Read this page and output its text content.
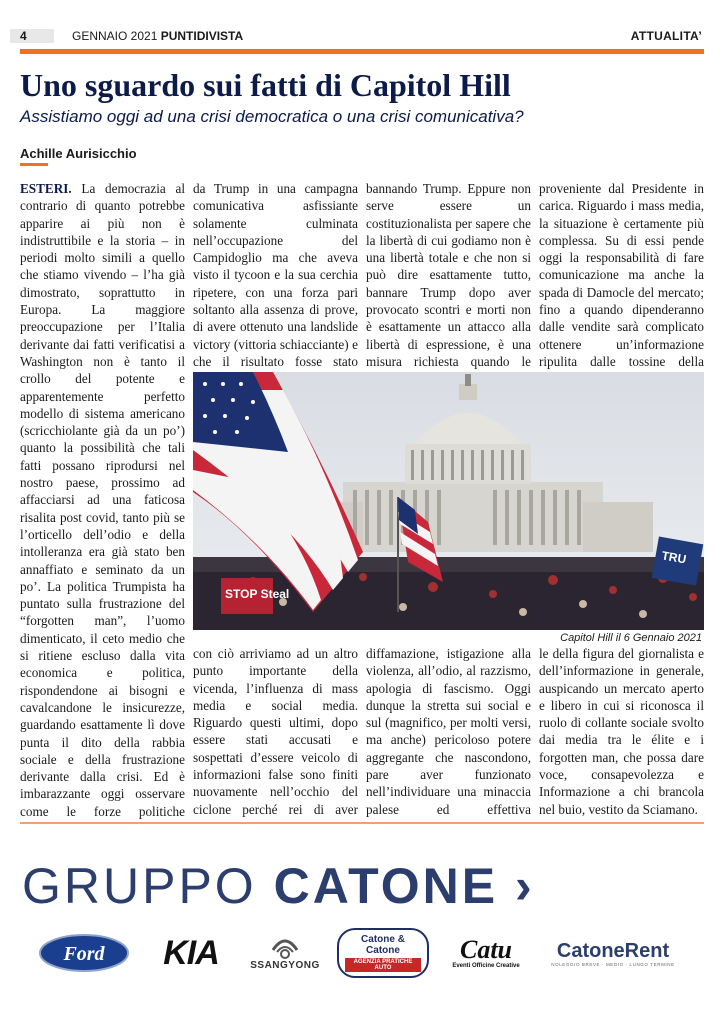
4	GENNAIO 2021 PUNTIDIVISTA	ATTUALITA’
Uno sguardo sui fatti di Capitol Hill
Assistiamo oggi ad una crisi democratica o una crisi comunicativa?
Achille Aurisicchio
ESTERI. La democrazia al contrario di quanto potrebbe apparire ai più non è indistruttibile e la storia – in periodi molto simili a quello che stiamo vivendo – l’ha già dimostrato, soprattutto in Europa. La maggiore preoccupazione per l’Italia derivante dai fatti verificatisi a Washington non è tanto il crollo del potente e apparentemente perfetto modello di sistema americano (scricchiolante già da un po’) quanto la possibilità che tali fatti possano riprodursi nel nostro paese, prossimo ad affacciarsi ad una faticosa risalita post covid, tanto più se l’orticello dell’odio e della intolleranza era già stato ben annaffiato e seminato da un po’. La politica Trumpista ha puntato sulla frustrazione del “forgotten man”, l’uomo dimenticato, il ceto medio che si ritiene escluso dalla vita economica e politica, rispondendone ai bisogni e cavalcandone le insicurezze, guardando esattamente lì dove punta il dito della rabbia sociale e della frustrazione derivante dalla crisi. Ed è imbarazzante oggi osservare come le forze politiche
da Trump in una campagna comunicativa asfissiante solamente culminata nell’occupazione del Campidoglio ma che aveva visto il tycoon e la sua cerchia ripetere, con una forza pari soltanto alla assenza di prove, di avere ottenuto una landslide victory (vittoria schiacciante) e che il risultato fosse stato
bannando Trump. Eppure non serve essere un costituzionalista per sapere che la libertà di cui godiamo non è una libertà totale e che non si può dire esattamente tutto, bannare Trump dopo aver provocato scontri e morti non è esattamente un attacco alla libertà di espressione, è una misura richiesta quando le
proveniente dal Presidente in carica. Riguardo i mass media, la situazione è certamente più complessa. Su di essi pende oggi la responsabilità di fare comunicazione ma anche la spada di Damocle del mercato; fino a quando dipenderanno dalle vendite sarà complicato ottenere un’informazione ripulita dalle tossine della
TRU
STOP Steal
Capitol Hill il 6 Gennaio 2021
con ciò arriviamo ad un altro punto importante della vicenda, l’influenza di mass media e social media. Riguardo questi ultimi, dopo essere stati accusati e sospettati d’essere veicolo di informazioni false sono finiti nuovamente nell’occhio del ciclone perché rei di aver
diffamazione, istigazione alla violenza, all’odio, al razzismo, apologia di fascismo. Oggi dunque la stretta sui social e sul (magnifico, per molti versi, ma anche) pericoloso potere aggregante che nascondono, pare aver funzionato nell’individuare una minaccia palese ed effettiva
le della figura del giornalista e dell’informazione in generale, auspicando un mercato aperto e libero in cui si riconosca il ruolo di collante sociale svolto dai media tra le élite e i forgotten man, che possa dare voce, consapevolezza e Informazione a chi brancola nel buio, vestito da Sciamano.
GRUPPO CATONE ›
Ford	KIA	SSANGYONG
Catone & Catone
AGENZIA PRATICHE AUTO
Catu
Eventi Officine Creative
CatoneRent
NOLEGGIO BREVE · MEDIO · LUNGO TERMINE
